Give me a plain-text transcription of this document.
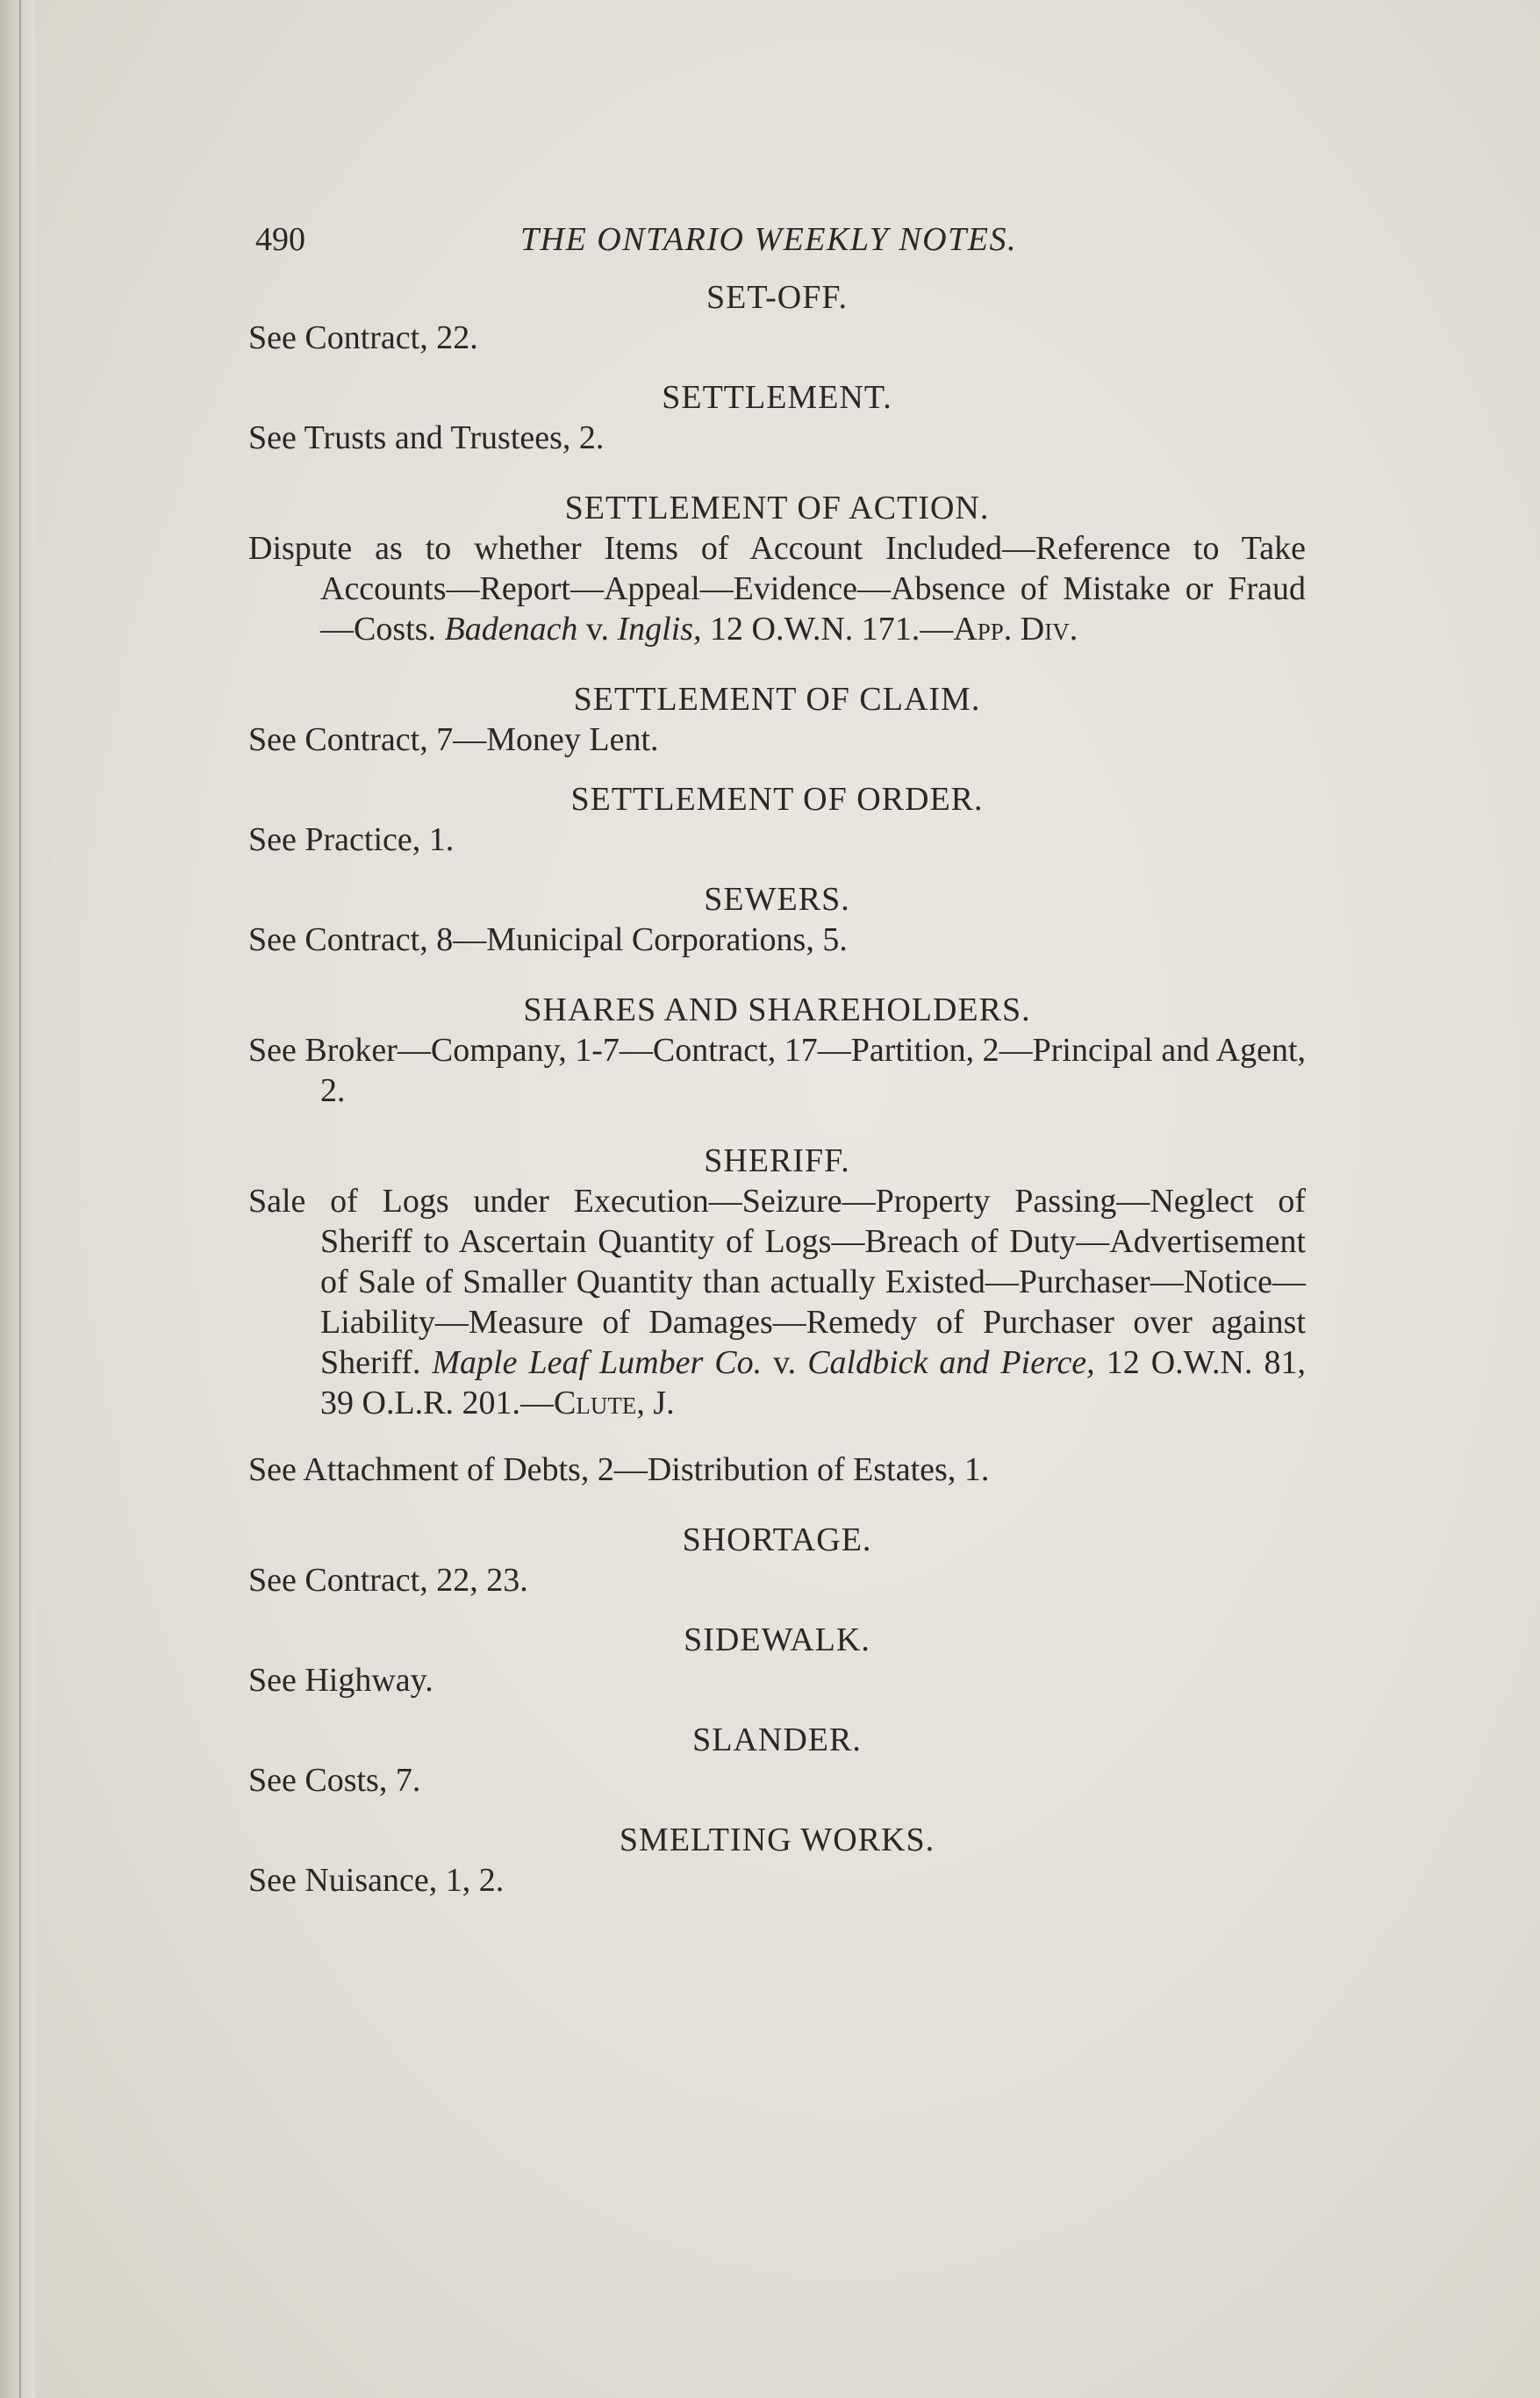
490	THE ONTARIO WEEKLY NOTES.
SET-OFF.
See Contract, 22.
SETTLEMENT.
See Trusts and Trustees, 2.
SETTLEMENT OF ACTION.
Dispute as to whether Items of Account Included—Reference to Take Accounts—Report—Appeal—Evidence—Absence of Mistake or Fraud—Costs. Badenach v. Inglis, 12 O.W.N. 171.—App. Div.
SETTLEMENT OF CLAIM.
See Contract, 7—Money Lent.
SETTLEMENT OF ORDER.
See Practice, 1.
SEWERS.
See Contract, 8—Municipal Corporations, 5.
SHARES AND SHAREHOLDERS.
See Broker—Company, 1-7—Contract, 17—Partition, 2—Principal and Agent, 2.
SHERIFF.
Sale of Logs under Execution—Seizure—Property Passing—Neglect of Sheriff to Ascertain Quantity of Logs—Breach of Duty—Advertisement of Sale of Smaller Quantity than actually Existed—Purchaser—Notice—Liability—Measure of Damages—Remedy of Purchaser over against Sheriff. Maple Leaf Lumber Co. v. Caldbick and Pierce, 12 O.W.N. 81, 39 O.L.R. 201.—Clute, J.
See Attachment of Debts, 2—Distribution of Estates, 1.
SHORTAGE.
See Contract, 22, 23.
SIDEWALK.
See Highway.
SLANDER.
See Costs, 7.
SMELTING WORKS.
See Nuisance, 1, 2.
